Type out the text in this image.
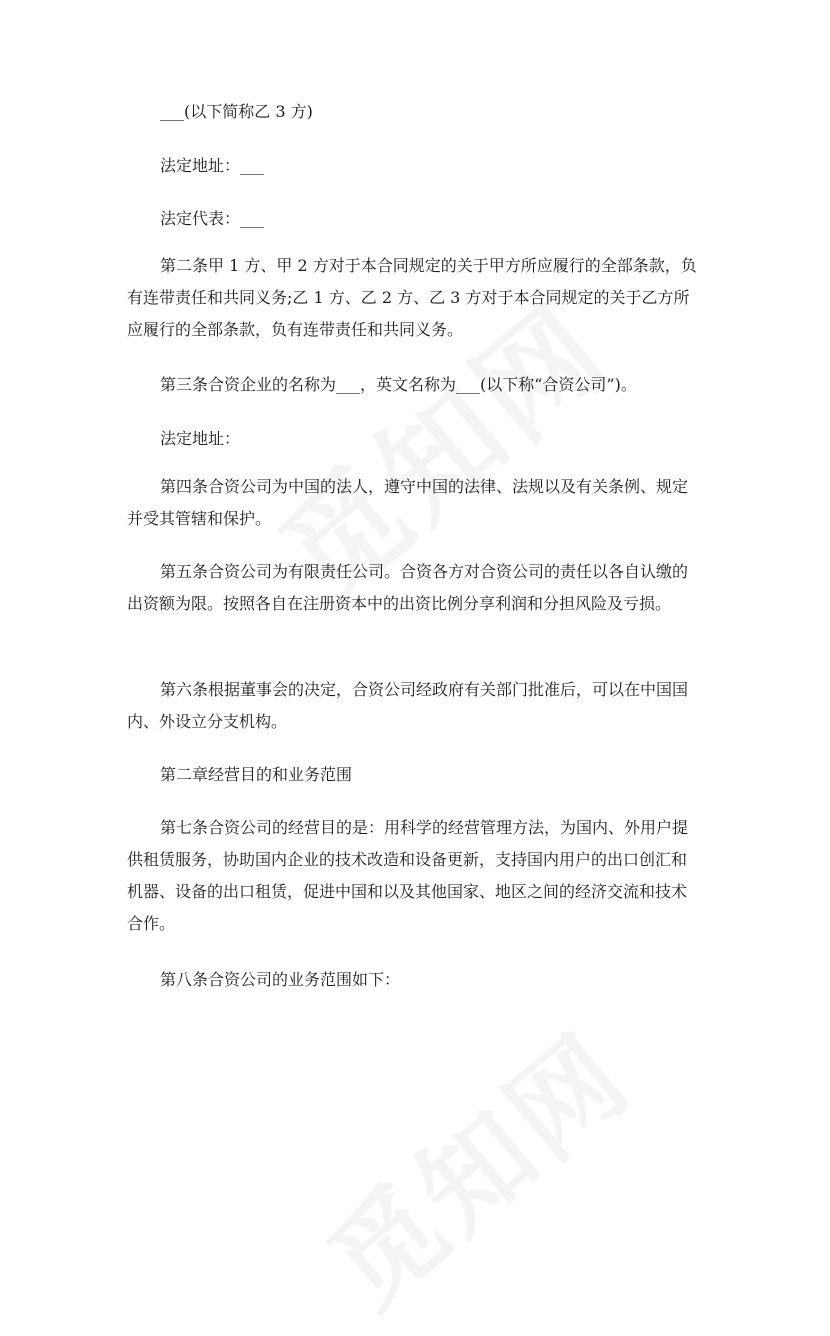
___(以下简称乙 3 方)

法定地址：___

法定代表：___

第二条甲 1 方、甲 2 方对于本合同规定的关于甲方所应履行的全部条款，负有连带责任和共同义务;乙 1 方、乙 2 方、乙 3 方对于本合同规定的关于乙方所应履行的全部条款，负有连带责任和共同义务。

第三条合资企业的名称为___，英文名称为___(以下称“合资公司”)。

法定地址：

第四条合资公司为中国的法人，遵守中国的法律、法规以及有关条例、规定并受其管辖和保护。

第五条合资公司为有限责任公司。合资各方对合资公司的责任以各自认缴的出资额为限。按照各自在注册资本中的出资比例分享利润和分担风险及亏损。

第六条根据董事会的决定，合资公司经政府有关部门批准后，可以在中国国内、外设立分支机构。

第二章经营目的和业务范围

第七条合资公司的经营目的是：用科学的经营管理方法，为国内、外用户提供租赁服务，协助国内企业的技术改造和设备更新，支持国内用户的出口创汇和机器、设备的出口租赁，促进中国和以及其他国家、地区之间的经济交流和技术合作。

第八条合资公司的业务范围如下：
